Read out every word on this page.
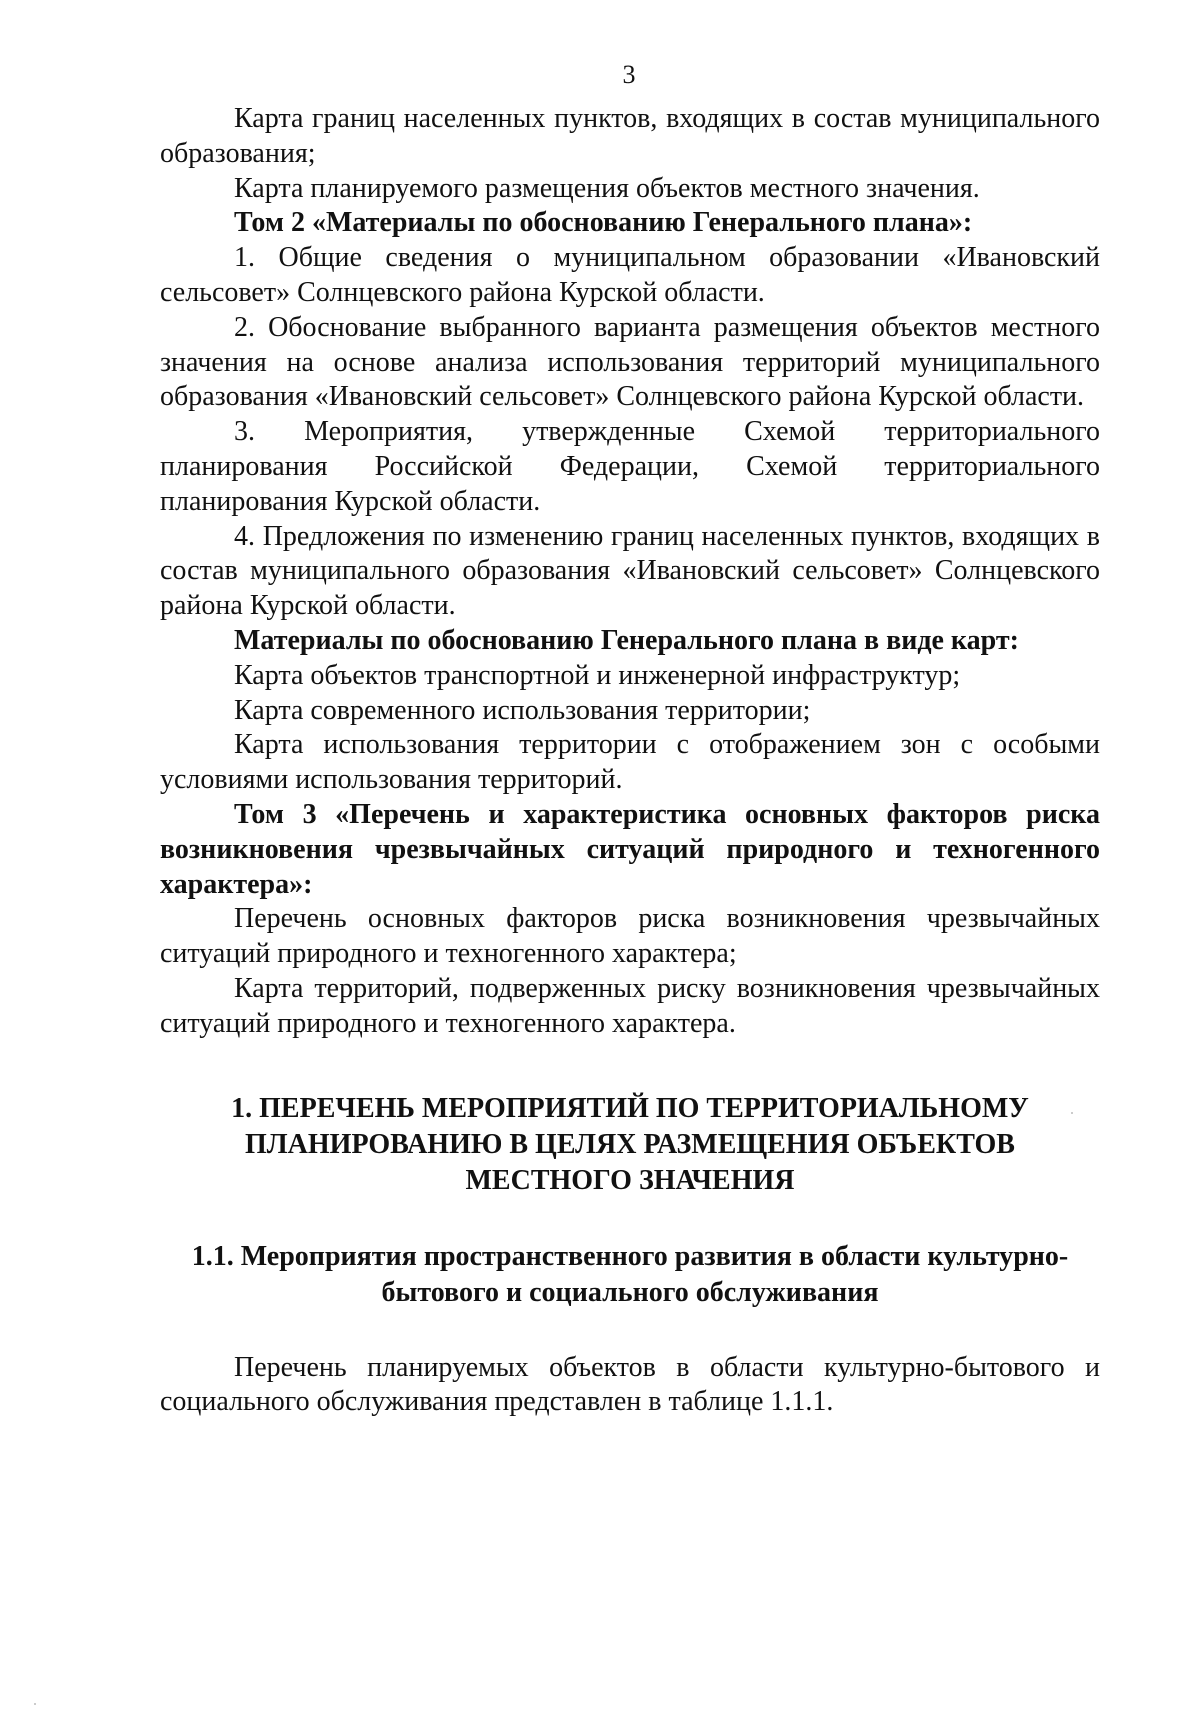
3

Карта границ населенных пунктов, входящих в состав муниципального образования;

Карта планируемого размещения объектов местного значения.

Том 2 «Материалы по обоснованию Генерального плана»:

1. Общие сведения о муниципальном образовании «Ивановский сельсовет» Солнцевского района Курской области.

2. Обоснование выбранного варианта размещения объектов местного значения на основе анализа использования территорий муниципального образования «Ивановский сельсовет» Солнцевского района Курской области.

3. Мероприятия, утвержденные Схемой территориального планирования Российской Федерации, Схемой территориального планирования Курской области.

4. Предложения по изменению границ населенных пунктов, входящих в состав муниципального образования «Ивановский сельсовет» Солнцевского района Курской области.

Материалы по обоснованию Генерального плана в виде карт:

Карта объектов транспортной и инженерной инфраструктур;

Карта современного использования территории;

Карта использования территории с отображением зон с особыми условиями использования территорий.

Том 3 «Перечень и характеристика основных факторов риска возникновения чрезвычайных ситуаций природного и техногенного характера»:

Перечень основных факторов риска возникновения чрезвычайных ситуаций природного и техногенного характера;

Карта территорий, подверженных риску возникновения чрезвычайных ситуаций природного и техногенного характера.

1. ПЕРЕЧЕНЬ МЕРОПРИЯТИЙ ПО ТЕРРИТОРИАЛЬНОМУ ПЛАНИРОВАНИЮ В ЦЕЛЯХ РАЗМЕЩЕНИЯ ОБЪЕКТОВ МЕСТНОГО ЗНАЧЕНИЯ
1.1. Мероприятия пространственного развития в области культурно-бытового и социального обслуживания

Перечень планируемых объектов в области культурно-бытового и социального обслуживания представлен в таблице 1.1.1.
